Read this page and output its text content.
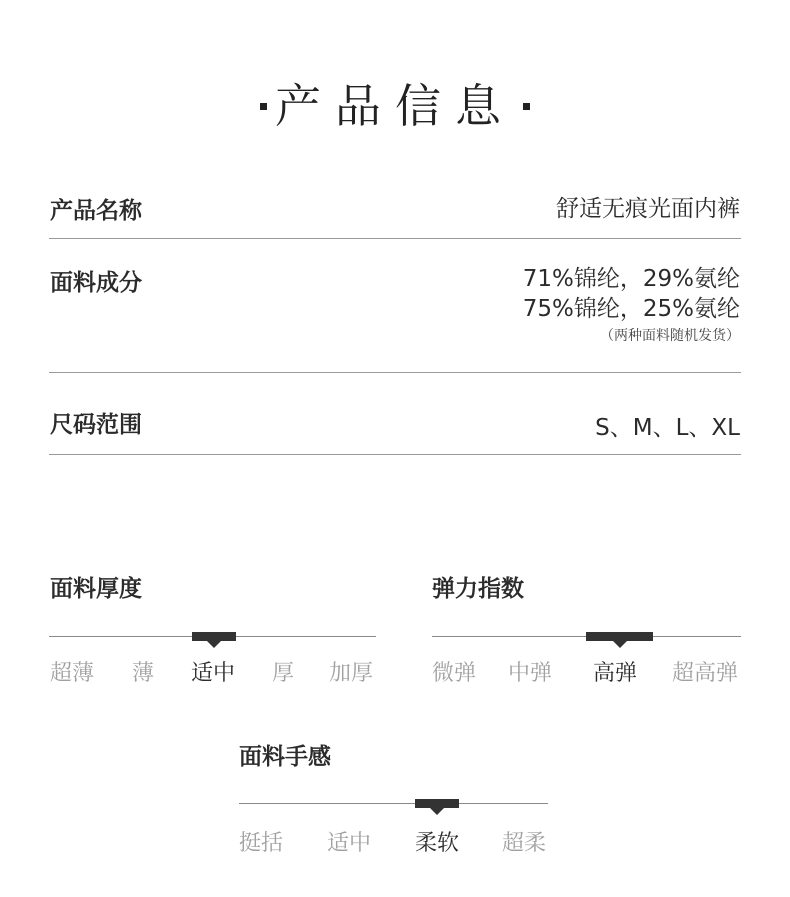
产品信息
产品名称	舒适无痕光面内裤
面料成分	71%锦纶，29%氨纶
75%锦纶，25%氨纶
（两种面料随机发货）
尺码范围	S、M、L、XL
面料厚度
超薄 薄 适中 厚 加厚
弹力指数
微弹 中弹 高弹 超高弹
面料手感
挺括 适中 柔软 超柔
